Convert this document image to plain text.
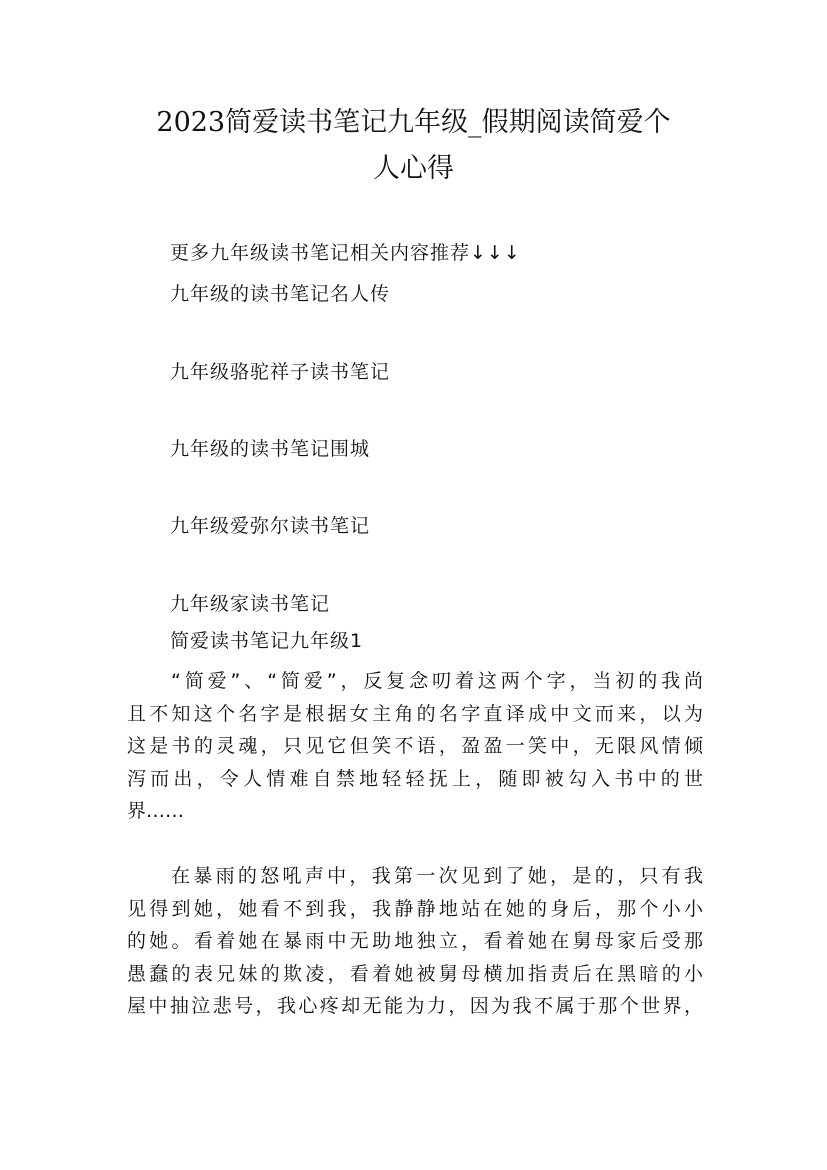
2023简爱读书笔记九年级_假期阅读简爱个
人心得
更多九年级读书笔记相关内容推荐↓↓↓
九年级的读书笔记名人传
九年级骆驼祥子读书笔记
九年级的读书笔记围城
九年级爱弥尔读书笔记
九年级家读书笔记
简爱读书笔记九年级1
“简爱”、“简爱”，反复念叨着这两个字，当初的我尚
且不知这个名字是根据女主角的名字直译成中文而来，以为
这是书的灵魂，只见它但笑不语，盈盈一笑中，无限风情倾
泻而出，令人情难自禁地轻轻抚上，随即被勾入书中的世
界……
在暴雨的怒吼声中，我第一次见到了她，是的，只有我
见得到她，她看不到我，我静静地站在她的身后，那个小小
的她。看着她在暴雨中无助地独立，看着她在舅母家后受那
愚蠢的表兄妹的欺凌，看着她被舅母横加指责后在黑暗的小
屋中抽泣悲号，我心疼却无能为力，因为我不属于那个世界，
